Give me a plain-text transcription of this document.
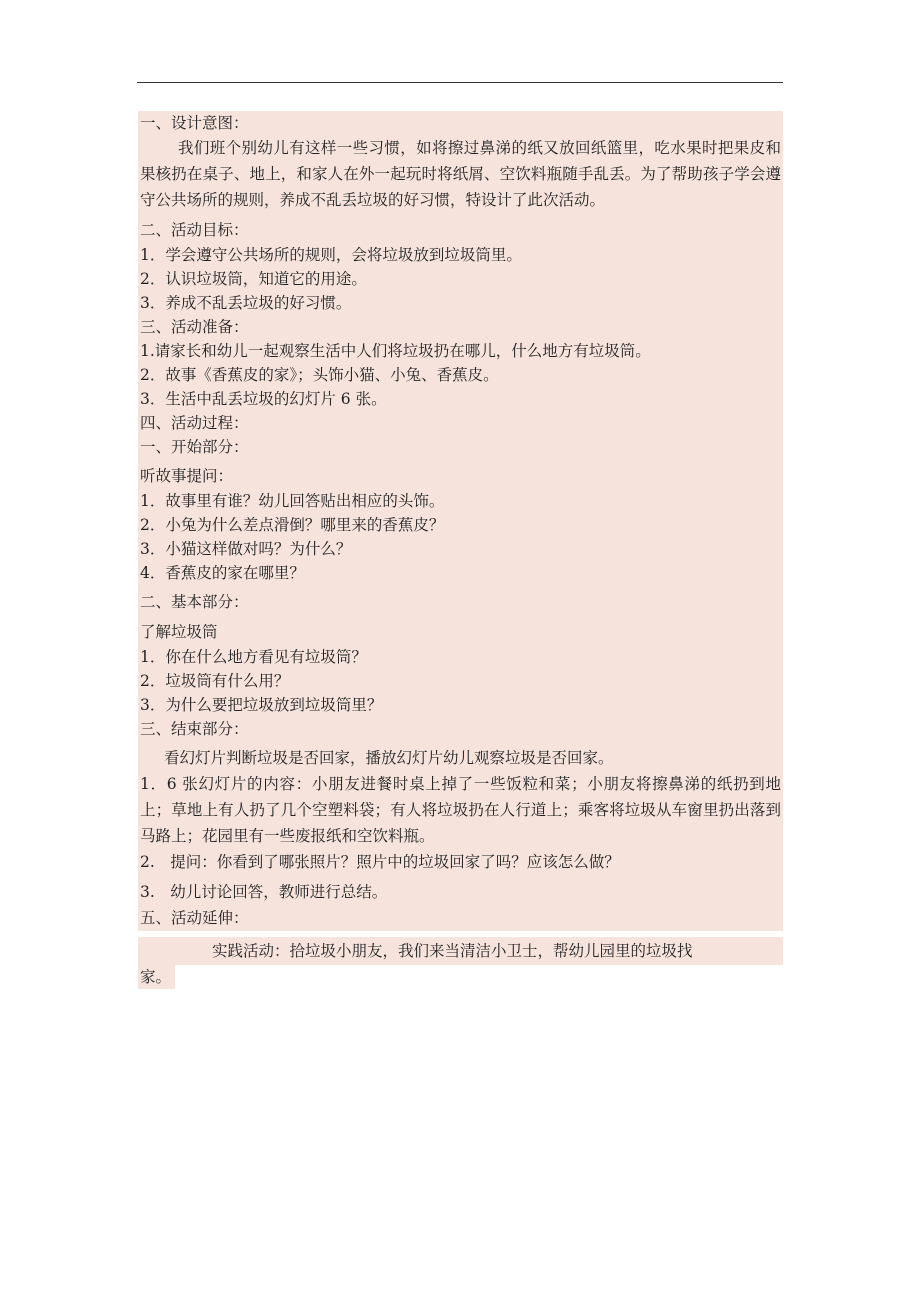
一、设计意图：
我们班个别幼儿有这样一些习惯，如将擦过鼻涕的纸又放回纸篮里，吃水果时把果皮和果核扔在桌子、地上，和家人在外一起玩时将纸屑、空饮料瓶随手乱丢。为了帮助孩子学会遵守公共场所的规则，养成不乱丢垃圾的好习惯，特设计了此次活动。
二、活动目标：
1．学会遵守公共场所的规则，会将垃圾放到垃圾筒里。
2．认识垃圾筒，知道它的用途。
3．养成不乱丢垃圾的好习惯。
三、活动准备：
1.请家长和幼儿一起观察生活中人们将垃圾扔在哪儿，什么地方有垃圾筒。
2．故事《香蕉皮的家》；头饰小猫、小兔、香蕉皮。
3．生活中乱丢垃圾的幻灯片 6 张。
四、活动过程：
一、开始部分：
听故事提问：
1．故事里有谁？幼儿回答贴出相应的头饰。
2．小兔为什么差点滑倒？哪里来的香蕉皮？
3．小猫这样做对吗？为什么？
4．香蕉皮的家在哪里？
二、基本部分：
了解垃圾筒
1．你在什么地方看见有垃圾筒？
2．垃圾筒有什么用？
3．为什么要把垃圾放到垃圾筒里？
三、结束部分：
看幻灯片判断垃圾是否回家，播放幻灯片幼儿观察垃圾是否回家。
1．6 张幻灯片的内容：小朋友进餐时桌上掉了一些饭粒和菜；小朋友将擦鼻涕的纸扔到地上；草地上有人扔了几个空塑料袋；有人将垃圾扔在人行道上；乘客将垃圾从车窗里扔出落到马路上；花园里有一些废报纸和空饮料瓶。
2.　提问：你看到了哪张照片？照片中的垃圾回家了吗？应该怎么做？
3.　幼儿讨论回答，教师进行总结。
五、活动延伸：
实践活动：拾垃圾小朋友，我们来当清洁小卫士，帮幼儿园里的垃圾找
家。
